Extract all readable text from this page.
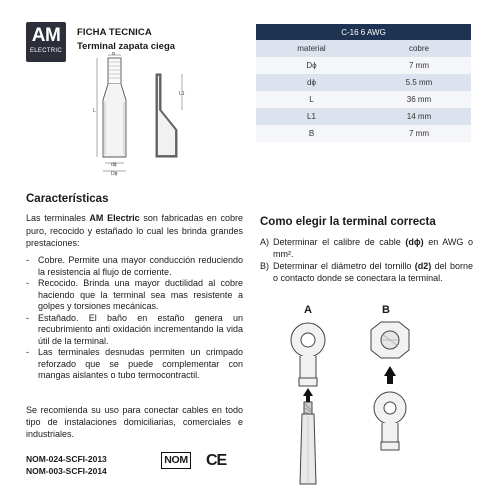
AM
ELECTRIC
FICHA TECNICA
Terminal zapata ciega
B
L
dϕ
Dϕ
L1
C-16 6 AWG	
material	cobre
Dϕ	7 mm
dϕ	5.5 mm
L	36 mm
L1	14 mm
B	7 mm
Características
Las terminales AM Electric son fabricadas en cobre puro, recocido y estañado lo cual les brinda grandes prestaciones:
- Cobre. Permite una mayor conducción reduciendo la resistencia al flujo de corriente.
- Recocido. Brinda una mayor ductilidad al cobre haciendo que la terminal sea mas resistente a golpes y torsiones mecánicas.
- Estañado. El baño en estaño genera un recubrimiento anti oxidación incrementando la vida útil de la terminal.
- Las terminales desnudas permiten un crimpado reforzado que se puede complementar con mangas aislantes o tubo termocontractil.
Se recomienda su uso para conectar cables en todo tipo de instalaciones domiciliarias, comerciales e industriales.
NOM-024-SCFI-2013
NOM-003-SCFI-2014
NOM CE
Como elegir la terminal correcta
A) Determinar el calibre de cable (dϕ) en AWG o mm².
B) Determinar el diámetro del tornillo (d2) del borne o contacto donde se conectara la terminal.
A	B
